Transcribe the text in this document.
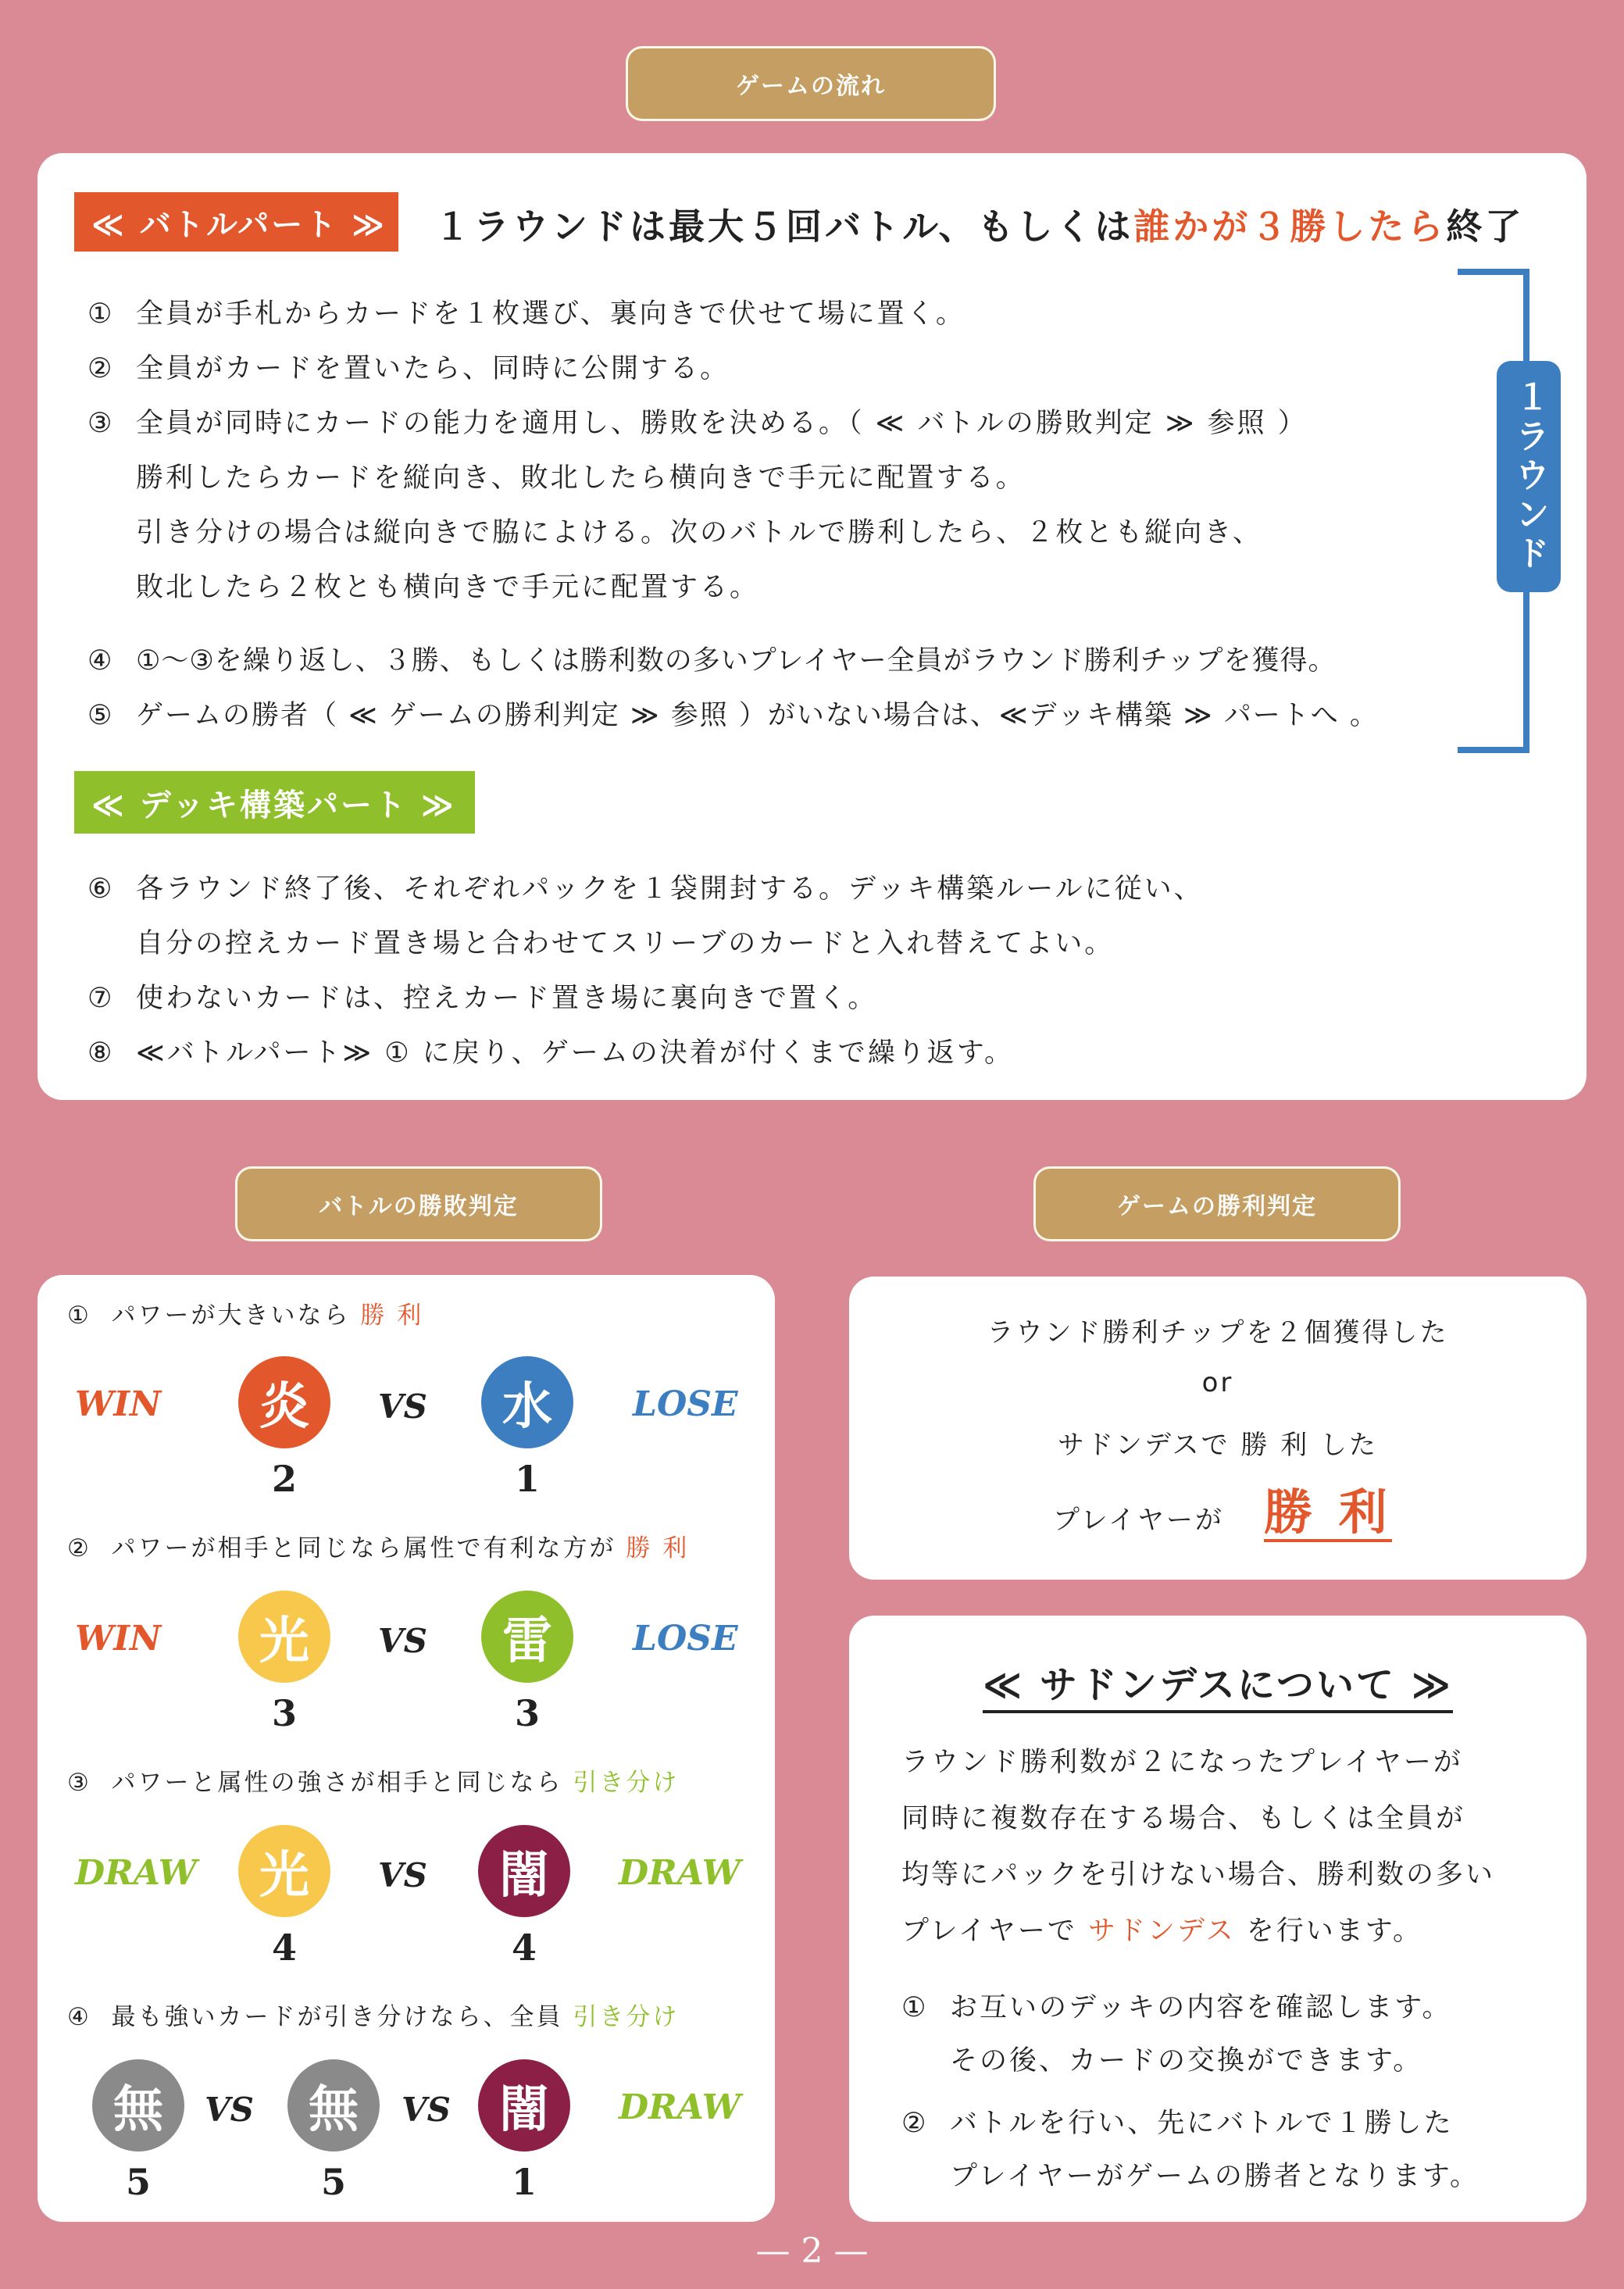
ゲームの流れ
≪ バトルパート ≫	１ラウンドは最大５回バトル、もしくは誰かが３勝したら終了
① 全員が手札からカードを１枚選び、裏向きで伏せて場に置く。
② 全員がカードを置いたら、同時に公開する。
③ 全員が同時にカードの能力を適用し、勝敗を決める。（ ≪ バトルの勝敗判定 ≫ 参照 ）
勝利したらカードを縦向き、敗北したら横向きで手元に配置する。
引き分けの場合は縦向きで脇によける。次のバトルで勝利したら、２枚とも縦向き、
敗北したら２枚とも横向きで手元に配置する。
④ ①～③を繰り返し、３勝、もしくは勝利数の多いプレイヤー全員がラウンド勝利チップを獲得。
⑤ ゲームの勝者（ ≪ ゲームの勝利判定 ≫ 参照 ）がいない場合は、≪デッキ構築 ≫ パートへ 。
１ラウンド
≪ デッキ構築パート ≫
⑥ 各ラウンド終了後、それぞれパックを１袋開封する。デッキ構築ルールに従い、
自分の控えカード置き場と合わせてスリーブのカードと入れ替えてよい。
⑦ 使わないカードは、控えカード置き場に裏向きで置く。
⑧ ≪バトルパート≫ ① に戻り、ゲームの決着が付くまで繰り返す。
バトルの勝敗判定	ゲームの勝利判定
① パワーが大きいなら 勝 利
WIN	炎
2
VS	水
1
LOSE
② パワーが相手と同じなら属性で有利な方が 勝 利
WIN	光
3
VS	雷
3
LOSE
③ パワーと属性の強さが相手と同じなら 引き分け
DRAW	光
4
VS	闇
4
DRAW
④ 最も強いカードが引き分けなら、全員 引き分け
無
5
VS	無
5
VS 闇
1
DRAW
ラウンド勝利チップを２個獲得した
or
サドンデスで 勝 利 した
プレイヤーが 勝 利
≪ サドンデスについて ≫
ラウンド勝利数が２になったプレイヤーが
同時に複数存在する場合、もしくは全員が
均等にパックを引けない場合、勝利数の多い
プレイヤーで サドンデス を行います。
① お互いのデッキの内容を確認します。
その後、カードの交換ができます。
② バトルを行い、先にバトルで１勝した
プレイヤーがゲームの勝者となります。
— 2 —
